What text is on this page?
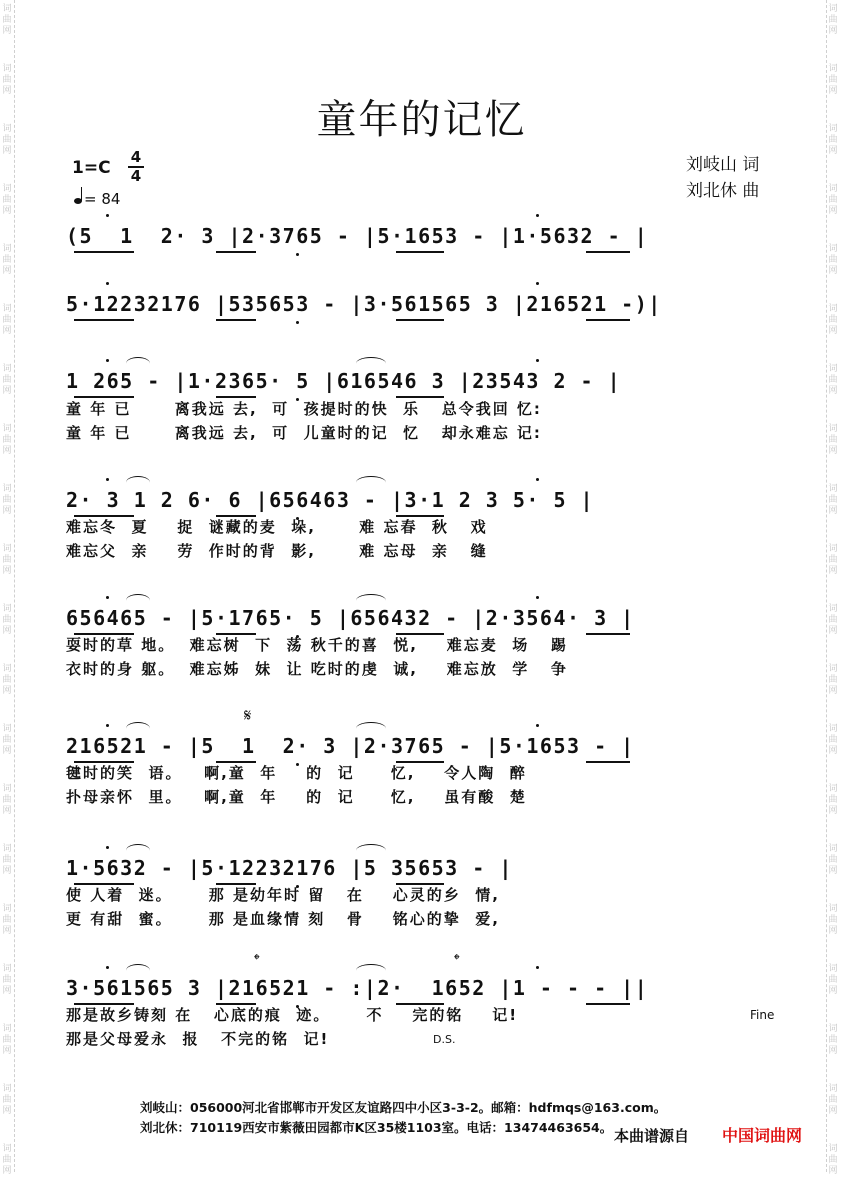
词
曲
网
词
曲
网
词
曲
网
词
曲
网
词
曲
网
词
曲
网
词
曲
网
词
曲
网
词
曲
网
词
曲
网
词
曲
网
词
曲
网
词
曲
网
词
曲
网
词
曲
网
词
曲
网
词
曲
网
词
曲
网
词
曲
网
词
曲
网
词
曲
网
词
曲
网
词
曲
网
词
曲
网
词
曲
网
词
曲
网
词
曲
网
词
曲
网
词
曲
网
词
曲
网
词
曲
网
词
曲
网
词
曲
网
词
曲
网
词
曲
网
词
曲
网
词
曲
网
词
曲
网
词
曲
网
词
曲
网
童年的记忆
1=C
4
4
= 84
刘岐山 词
刘北休 曲
(5  1  2· 3 |2·3765 - |5·1653 - |1·5632 - |
5·12232176 |535653 - |3·561565 3 |216521 -)|
1 265 - |1·2365· 5 |616546 3 |23543 2 - |
童 年 已      离我远 去,  可  孩提时的快  乐   总令我回 忆:
童 年 已      离我远 去,  可  儿童时的记  忆   却永难忘 记:
2· 3 1 2 6· 6 |656463 - |3·1 2 3 5· 5 |
难忘冬  夏    捉  谜藏的麦  垛,      难 忘春  秋   戏
难忘父  亲    劳  作时的背  影,      难 忘母  亲   缝
656465 - |5·1765· 5 |656432 - |2·3564· 3 |
耍时的草 地。  难忘树  下  荡 秋千的喜  悦,    难忘麦  场   踢
衣时的身 躯。  难忘姊  妹  让 吃时的虔  诚,    难忘放  学   争
𝄋
216521 - |5  1  2· 3 |2·3765 - |5·1653 - |
毽时的笑  语。   啊,童  年    的  记     忆,    令人陶  醉
扑母亲怀  里。   啊,童  年    的  记     忆,    虽有酸  楚
1·5632 - |5·12232176 |5 35653 - |
使 人着  迷。     那 是幼年时 留   在    心灵的乡  情,
更 有甜  蜜。     那 是血缘情 刻   骨    铭心的挚  爱,
𝄌	𝄌
3·561565 3 |216521 - :|2·  1652 |1 - - - ||
Fine
那是故乡铸刻 在   心底的痕  迹。     不    完的铭    记!
那是父母爱永  报   不完的铭  记!	D.S.
刘岐山：056000河北省邯郸市开发区友谊路四中小区3-3-2。邮箱：hdfmqs@163.com。
刘北休：710119西安市紫薇田园都市K区35楼1103室。电话：13474463654。 本曲谱源自	中国词曲网
